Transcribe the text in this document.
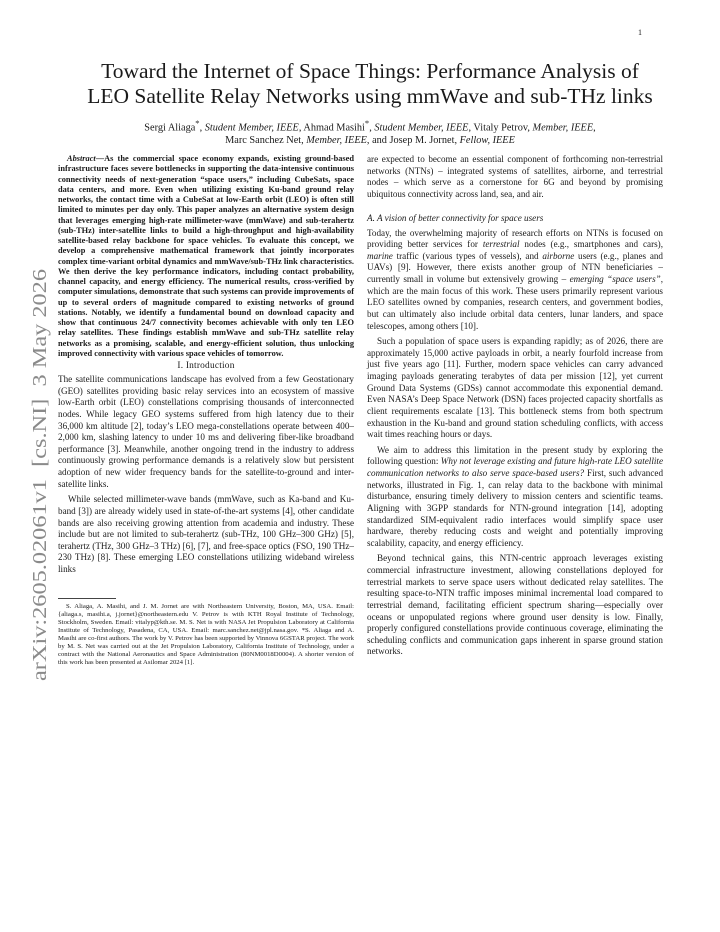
1
arXiv:2605.02061v1  [cs.NI]  3 May 2026
Toward the Internet of Space Things: Performance Analysis of
LEO Satellite Relay Networks using mmWave and sub-THz links
Sergi Aliaga*, Student Member, IEEE, Ahmad Masihi*, Student Member, IEEE, Vitaly Petrov, Member, IEEE,
Marc Sanchez Net, Member, IEEE, and Josep M. Jornet, Fellow, IEEE

Abstract—As the commercial space economy expands, existing ground-based infrastructure faces severe bottlenecks in supporting the data-intensive continuous connectivity needs of next-generation “space users,” including CubeSats, space data centers, and more. Even when utilizing existing Ku-band ground relay networks, the contact time with a CubeSat at low-Earth orbit (LEO) is often still limited to minutes per day only. This paper analyzes an alternative system design that leverages emerging high-rate millimeter-wave (mmWave) and sub-terahertz (sub-THz) inter-satellite links to build a high-throughput and high-availability satellite-based relay backbone for space vehicles. To evaluate this concept, we develop a comprehensive mathematical framework that jointly incorporates complex time-variant orbital dynamics and mmWave/sub-THz link characteristics. We then derive the key performance indicators, including contact probability, channel capacity, and energy efficiency. The numerical results, cross-verified by computer simulations, demonstrate that such systems can provide improvements of up to several orders of magnitude compared to existing networks of ground stations. Notably, we identify a fundamental bound on download capacity and show that continuous 24/7 connectivity becomes achievable with only ten LEO relay satellites. These findings establish mmWave and sub-THz satellite relay networks as a promising, scalable, and energy-efficient solution, thus unlocking improved connectivity with various space vehicles of tomorrow.

I. Introduction

The satellite communications landscape has evolved from a few Geostationary (GEO) satellites providing basic relay services into an ecosystem of massive low-Earth orbit (LEO) constellations comprising thousands of interconnected nodes. While legacy GEO systems suffered from high latency due to their 36,000 km altitude [2], today’s LEO mega-constellations operate between 400–2,000 km, slashing latency to under 10 ms and delivering fiber-like broadband performance [3]. Meanwhile, another ongoing trend in the industry to address continuously growing performance demands is a relatively slow but persistent adoption of new wider frequency bands for the satellite-to-ground and inter-satellite links.

While selected millimeter-wave bands (mmWave, such as Ka-band and Ku-band [3]) are already widely used in state-of-the-art systems [4], other candidate bands are also receiving growing attention from academia and industry. These include but are not limited to sub-terahertz (sub-THz, 100 GHz–300 GHz) [5], terahertz (THz, 300 GHz–3 THz) [6], [7], and free-space optics (FSO, 190 THz–230 THz) [8]. These emerging LEO constellations utilizing wideband wireless links

S. Aliaga, A. Masihi, and J. M. Jornet are with Northeastern University, Boston, MA, USA. Email: {aliaga.s, masihi.a, j.jornet}@northeastern.edu V. Petrov is with KTH Royal Institute of Technology, Stockholm, Sweden. Email: vitalyp@kth.se. M. S. Net is with NASA Jet Propulsion Laboratory at California Institute of Technology, Pasadena, CA, USA. Email: marc.sanchez.net@jpl.nasa.gov. *S. Aliaga and A. Masihi are co-first authors. The work by V. Petrov has been supported by Vinnova 6GSTAR project. The work by M. S. Net was carried out at the Jet Propulsion Laboratory, California Institute of Technology, under a contract with the National Aeronautics and Space Administration (80NM0018D0004). A shorter version of this work has been presented at Asilomar 2024 [1].

are expected to become an essential component of forthcoming non-terrestrial networks (NTNs) – integrated systems of satellites, airborne, and terrestrial nodes – which serve as a cornerstone for 6G and beyond by promising ubiquitous connectivity across land, sea, and air.

A. A vision of better connectivity for space users

Today, the overwhelming majority of research efforts on NTNs is focused on providing better services for terrestrial nodes (e.g., smartphones and cars), marine traffic (various types of vessels), and airborne users (e.g., planes and UAVs) [9]. However, there exists another group of NTN beneficiaries – currently small in volume but extensively growing – emerging “space users”, which are the main focus of this work. These users primarily represent various LEO satellites owned by companies, research centers, and government bodies, but can ultimately also include orbital data centers, lunar landers, and space telescopes, among others [10].

Such a population of space users is expanding rapidly; as of 2026, there are approximately 15,000 active payloads in orbit, a nearly fourfold increase from just five years ago [11]. Further, modern space vehicles can carry advanced imaging payloads generating terabytes of data per mission [12], yet current Ground Data Systems (GDSs) cannot accommodate this exponential demand. Even NASA’s Deep Space Network (DSN) faces projected capacity shortfalls as client requirements escalate [13]. This bottleneck stems from both spectrum exhaustion in the Ku-band and ground station scheduling conflicts, with access wait times reaching hours or days.

We aim to address this limitation in the present study by exploring the following question: Why not leverage existing and future high-rate LEO satellite communication networks to also serve space-based users? First, such advanced networks, illustrated in Fig. 1, can relay data to the backbone with minimal disturbance, ensuring timely delivery to mission centers and scientific teams. Aligning with 3GPP standards for NTN-ground integration [14], adopting standardized SIM-equivalent radio interfaces would simplify space user hardware, thereby reducing costs and weight and potentially improving scalability, capacity, and energy efficiency.

Beyond technical gains, this NTN-centric approach leverages existing commercial infrastructure investment, allowing constellations deployed for terrestrial markets to serve space users without dedicated relay satellites. The resulting space-to-NTN traffic imposes minimal incremental load compared to terrestrial demand, facilitating efficient spectrum sharing—especially over oceans or unpopulated regions where ground user density is low. Finally, properly configured constellations provide continuous coverage, eliminating the scheduling conflicts and communication gaps inherent in sparse ground station networks.
